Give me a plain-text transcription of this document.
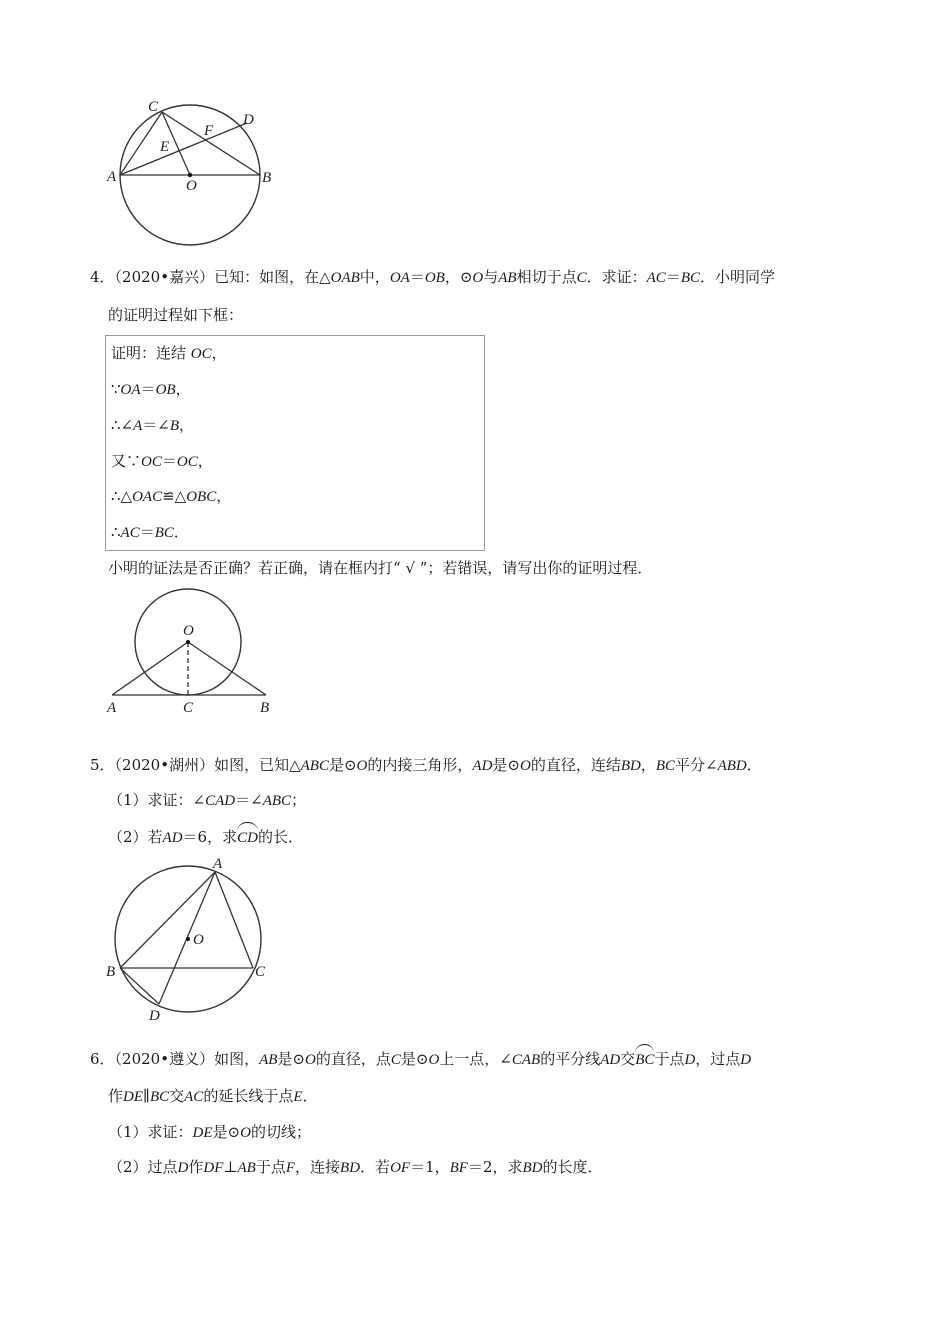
C
D
F
E
A
O	B
4．（2020•嘉兴）已知：如图，在△OAB中，OA＝OB，⊙O与AB相切于点C．求证：AC＝BC．小明同学
的证明过程如下框：
证明：连结 OC，
∵OA＝OB，
∴∠A＝∠B，
又∵OC＝OC，
∴△OAC≌△OBC，
∴AC＝BC．
小明的证法是否正确？若正确，请在框内打“ √ ”；若错误，请写出你的证明过程．
O
A	C	B
5．（2020•湖州）如图，已知△ABC是⊙O的内接三角形，AD是⊙O的直径，连结BD，BC平分∠ABD．
（1）求证：∠CAD＝∠ABC；
（2）若AD＝6，求CD的长．
A
O
B	C
D
6．（2020•遵义）如图，AB是⊙O的直径，点C是⊙O上一点，∠CAB的平分线AD交BC于点D，过点D
作DE∥BC交AC的延长线于点E．
（1）求证：DE是⊙O的切线；
（2）过点D作DF⊥AB于点F，连接BD．若OF＝1，BF＝2，求BD的长度．
